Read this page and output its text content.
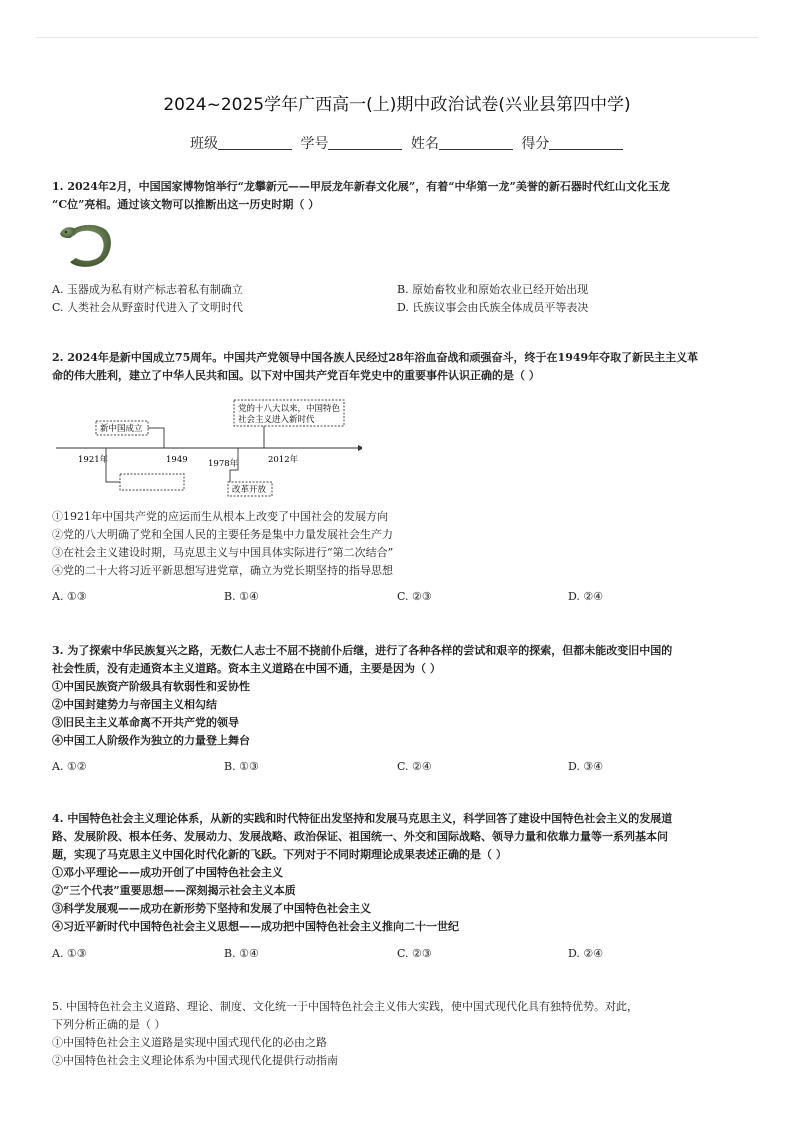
2024~2025学年广西高一(上)期中政治试卷(兴业县第四中学)
班级	学号	姓名	得分

1. 2024年2月，中国国家博物馆举行“龙攀新元——甲辰龙年新春文化展”，有着“中华第一龙”美誉的新石器时代红山文化玉龙

“C位”亮相。通过该文物可以推断出这一历史时期（ ）

A. 玉器成为私有财产标志着私有制确立	B. 原始畜牧业和原始农业已经开始出现
C. 人类社会从野蛮时代进入了文明时代	D. 氏族议事会由氏族全体成员平等表决

2. 2024年是新中国成立75周年。中国共产党领导中国各族人民经过28年浴血奋战和顽强奋斗，终于在1949年夺取了新民主主义革

命的伟大胜利，建立了中华人民共和国。以下对中国共产党百年党史中的重要事件认识正确的是（ ）

新中国成立
党的十八大以来，中国特色
社会主义进入新时代
1921年	1949 1978年	2012年
改革开放

①1921年中国共产党的应运而生从根本上改变了中国社会的发展方向

②党的八大明确了党和全国人民的主要任务是集中力量发展社会生产力

③在社会主义建设时期，马克思主义与中国具体实际进行“第二次结合”

④党的二十大将习近平新思想写进党章，确立为党长期坚持的指导思想

A. ①③	B. ①④	C. ②③	D. ②④

3. 为了探索中华民族复兴之路，无数仁人志士不屈不挠前仆后继，进行了各种各样的尝试和艰辛的探索，但都未能改变旧中国的

社会性质，没有走通资本主义道路。资本主义道路在中国不通，主要是因为（ ）

①中国民族资产阶级具有软弱性和妥协性

②中国封建势力与帝国主义相勾结

③旧民主主义革命离不开共产党的领导

④中国工人阶级作为独立的力量登上舞台

A. ①②	B. ①③	C. ②④	D. ③④

4. 中国特色社会主义理论体系，从新的实践和时代特征出发坚持和发展马克思主义，科学回答了建设中国特色社会主义的发展道

路、发展阶段、根本任务、发展动力、发展战略、政治保证、祖国统一、外交和国际战略、领导力量和依靠力量等一系列基本问

题，实现了马克思主义中国化时代化新的飞跃。下列对于不同时期理论成果表述正确的是（ ）

①邓小平理论——成功开创了中国特色社会主义

②“三个代表”重要思想——深刻揭示社会主义本质

③科学发展观——成功在新形势下坚持和发展了中国特色社会主义

④习近平新时代中国特色社会主义思想——成功把中国特色社会主义推向二十一世纪

A. ①③	B. ①④	C. ②③	D. ②④

5. 中国特色社会主义道路、理论、制度、文化统一于中国特色社会主义伟大实践，使中国式现代化具有独特优势。对此，

下列分析正确的是（ ）

①中国特色社会主义道路是实现中国式现代化的必由之路

②中国特色社会主义理论体系为中国式现代化提供行动指南
